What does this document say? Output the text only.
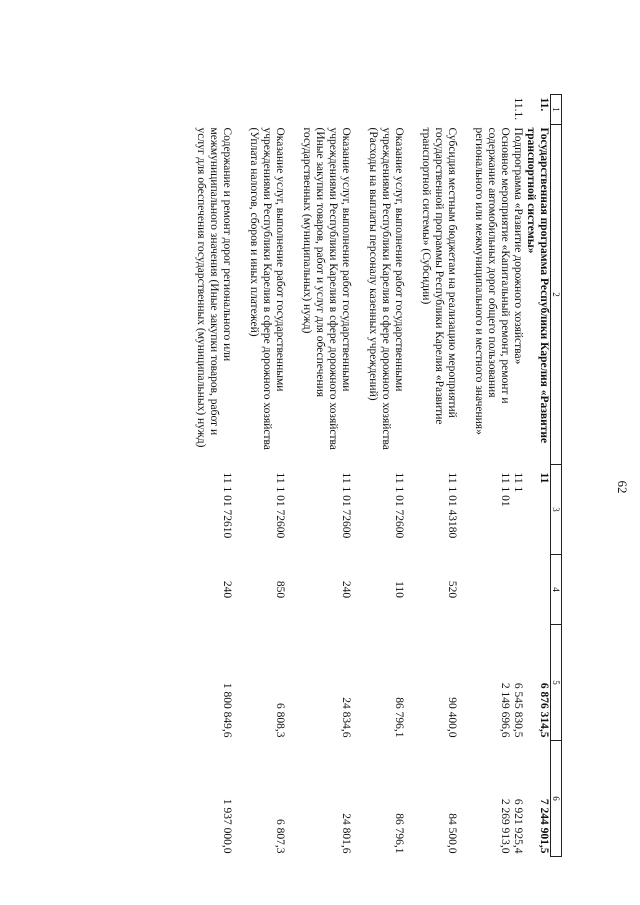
62
1	2	3	4	5	6
11.	Государственная программа Республики Карелия «Развитие транспортной системы»	11		6 876 314,5	7 244 901,5
11.1.	Подпрограмма «Развитие дорожного хозяйства»	11 1		6 545 830,5	6 921 925,4
	Основное мероприятие «Капитальный ремонт, ремонт и содержание автомобильных дорог общего пользования регионального или межмуниципального и местного значения»	11 1 01		2 149 696,6	2 269 913,0
	Субсидия местным бюджетам на реализацию мероприятий государственной программы Республики Карелия «Развитие транспортной системы» (Субсидии)	11 1 01 43180	520	90 400,0	84 500,0
	Оказание услуг, выполнение работ государственными учреждениями Республики Карелия в сфере дорожного хозяйства (Расходы на выплаты персоналу казенных учреждений)	11 1 01 72600	110	86 796,1	86 796,1
	Оказание услуг, выполнение работ государственными учреждениями Республики Карелия в сфере дорожного хозяйства (Иные закупки товаров, работ и услуг для обеспечения государственных (муниципальных) нужд)	11 1 01 72600	240	24 834,6	24 801,6
	Оказание услуг, выполнение работ государственными учреждениями Республики Карелия в сфере дорожного хозяйства (Уплата налогов, сборов и иных платежей)	11 1 01 72600	850	6 808,3	6 807,3
	Содержание и ремонт дорог регионального или межмуниципального значения (Иные закупки товаров, работ и услуг для обеспечения государственных (муниципальных) нужд)	11 1 01 72610	240	1 800 849,6	1 937 000,0
